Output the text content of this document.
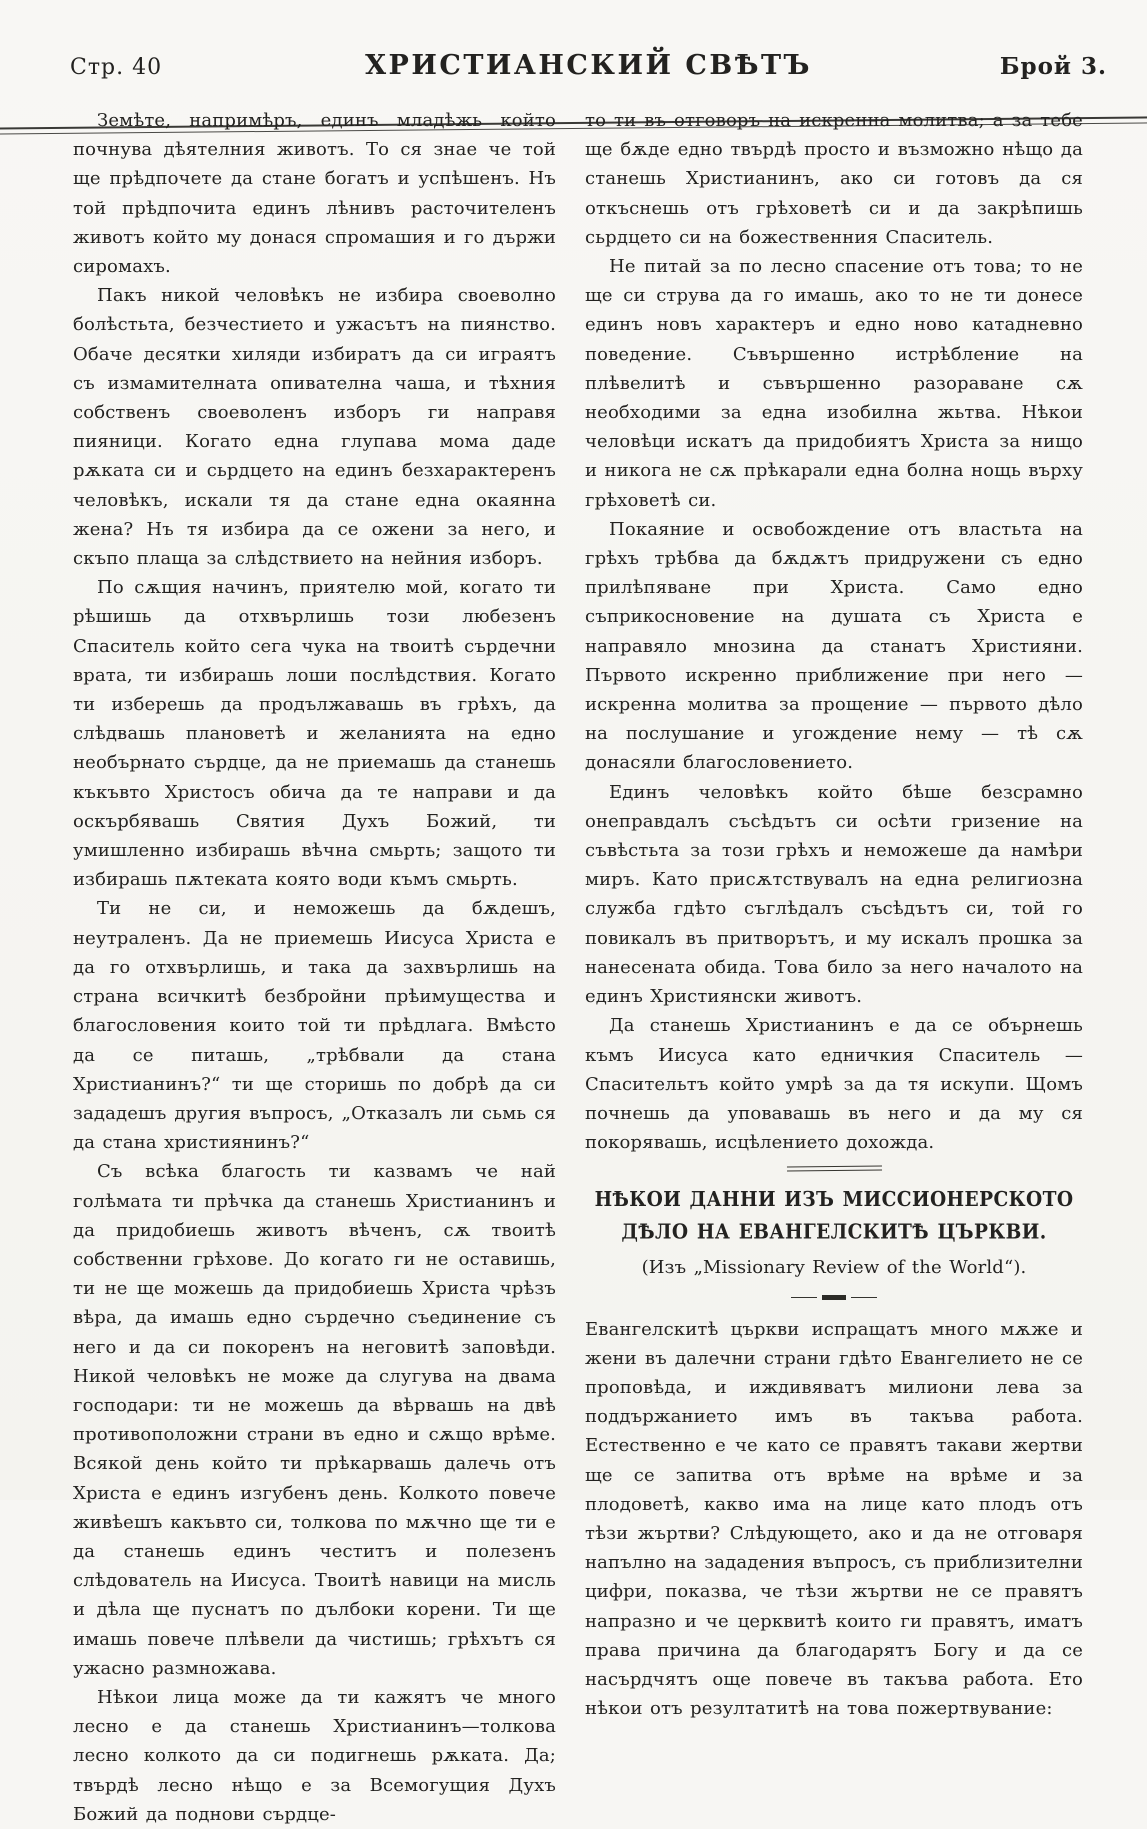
Стр. 40	ХРИСТИАНСКИЙ СВѢТЪ	Брой 3.

Земѣте, напримѣръ, единъ младѣжь който почнува дѣятелния животъ. То ся знае че той ще прѣдпочете да стане богатъ и успѣшенъ. Нъ той прѣдпочита единъ лѣнивъ расточителенъ животъ който му донася спромашия и го държи сиромахъ.

Пакъ никой человѣкъ не избира своеволно болѣстьта, безчестието и ужасътъ на пиянство. Обаче десятки хиляди избиратъ да си играятъ съ измамителната опивателна чаша, и тѣхния собственъ своеволенъ изборъ ги направя пияници. Когато една глупава мома даде рѫката си и сьрдцето на единъ безхарактеренъ человѣкъ, искали тя да стане една окаянна жена? Нъ тя избира да се ожени за него, и скъпо плаща за слѣдствието на нейния изборъ.

По сѫщия начинъ, приятелю мой, когато ти рѣшишь да отхвърлишь този любезенъ Спаситель който сега чука на твоитѣ сърдечни врата, ти избирашь лоши послѣдствия. Когато ти изберешь да продължавашь въ грѣхъ, да слѣдвашь плановетѣ и желанията на едно необърнато сърдце, да не приемашь да станешь къкъвто Христосъ обича да те направи и да оскърбявашь Святия Духъ Божий, ти умишленно избирашь вѣчна смьрть; защото ти избирашь пѫтеката която води къмъ смьрть.

Ти не си, и неможешь да бѫдешъ, неутраленъ. Да не приемешь Иисуса Христа е да го отхвърлишь, и така да захвърлишь на страна всичкитѣ безбройни прѣимущества и благословения които той ти прѣдлага. Вмѣсто да се питашь, „трѣбвали да стана Христианинъ?“ ти ще сторишь по добрѣ да си зададешъ другия въпросъ, „Отказалъ ли сьмь ся да стана християнинъ?“

Съ всѣка благость ти казвамъ че най голѣмата ти прѣчка да станешь Христианинъ и да придобиешь животъ вѣченъ, сѫ твоитѣ собственни грѣхове. До когато ги не оставишь, ти не ще можешь да придобиешь Христа чрѣзъ вѣра, да имашь едно сърдечно съединение съ него и да си покоренъ на неговитѣ заповѣди. Никой человѣкъ не може да слугува на двама господари: ти не можешь да вѣрвашь на двѣ противоположни страни въ едно и сѫщо врѣме. Всякой день който ти прѣкарвашь далечь отъ Христа е единъ изгубенъ день. Колкото повече живѣешъ какъвто си, толкова по мѫчно ще ти е да станешь единъ честитъ и полезенъ слѣдователь на Иисуса. Твоитѣ навици на мисль и дѣла ще пуснатъ по дълбоки корени. Ти ще имашь повече плѣвели да чистишь; грѣхътъ ся ужасно размножава.

Нѣкои лица може да ти кажятъ че много лесно е да станешь Христианинъ—толкова лесно колкото да си подигнешь рѫката. Да; твърдѣ лесно нѣщо е за Всемогущия Духъ Божий да поднови сърдце-

то ти въ отговоръ на искренна молитва; а за тебе ще бѫде едно твърдѣ просто и възможно нѣщо да станешь Христианинъ, ако си готовъ да ся откъснешь отъ грѣховетѣ си и да закрѣпишь сьрдцето си на божественния Спаситель.

Не питай за по лесно спасение отъ това; то не ще си струва да го имашь, ако то не ти донесе единъ новъ характеръ и едно ново катадневно поведение. Съвършенно истрѣбление на плѣвелитѣ и съвършенно разораване сѫ необходими за една изобилна жьтва. Нѣкои человѣци искатъ да придобиятъ Христа за нищо и никога не сѫ прѣкарали една болна нощь върху грѣховетѣ си.

Покаяние и освобождение отъ властьта на грѣхъ трѣбва да бѫдѫтъ придружени съ едно прилѣпяване при Христа. Само едно съприкосновение на душата съ Христа е направяло мнозина да станатъ Християни. Първото искренно приближение при него — искренна молитва за прощение — първото дѣло на послушание и угождение нему — тѣ сѫ донасяли благословението.

Единъ человѣкъ който бѣше безсрамно онеправдалъ съсѣдътъ си осѣти гризение на съвѣстьта за този грѣхъ и неможеше да намѣри миръ. Като присѫтствувалъ на една религиозна служба гдѣто съглѣдалъ съсѣдътъ си, той го повикалъ въ притворътъ, и му искалъ прошка за нанесената обида. Това било за него началото на единъ Християнски животъ.

Да станешь Христианинъ е да се обърнешь къмъ Иисуса като едничкия Спаситель — Спасительтъ който умрѣ за да тя искупи. Щомъ почнешь да уповавашь въ него и да му ся покорявашь, исцѣлението дохожда.

НѢКОИ ДАННИ ИЗЪ МИССИОНЕРСКОТО ДѢЛО НА ЕВАНГЕЛСКИТѢ ЦЪРКВИ.

(Изъ „Missionary Review of the World“).

Евангелскитѣ църкви испращатъ много мѫже и жени въ далечни страни гдѣто Евангелието не се проповѣда, и иждивяватъ милиони лева за поддържанието имъ въ такъва работа. Естественно е че като се правятъ такави жертви ще се запитва отъ врѣме на врѣме и за плодоветѣ, какво има на лице като плодъ отъ тѣзи жъртви? Слѣдующето, ако и да не отговаря напълно на зададения въпросъ, съ приблизителни цифри, показва, че тѣзи жъртви не се правятъ напразно и че церквитѣ които ги правятъ, иматъ права причина да благодарятъ Богу и да се насърдчятъ още повече въ такъва работа. Ето нѣкои отъ резултатитѣ на това пожертвувание:
